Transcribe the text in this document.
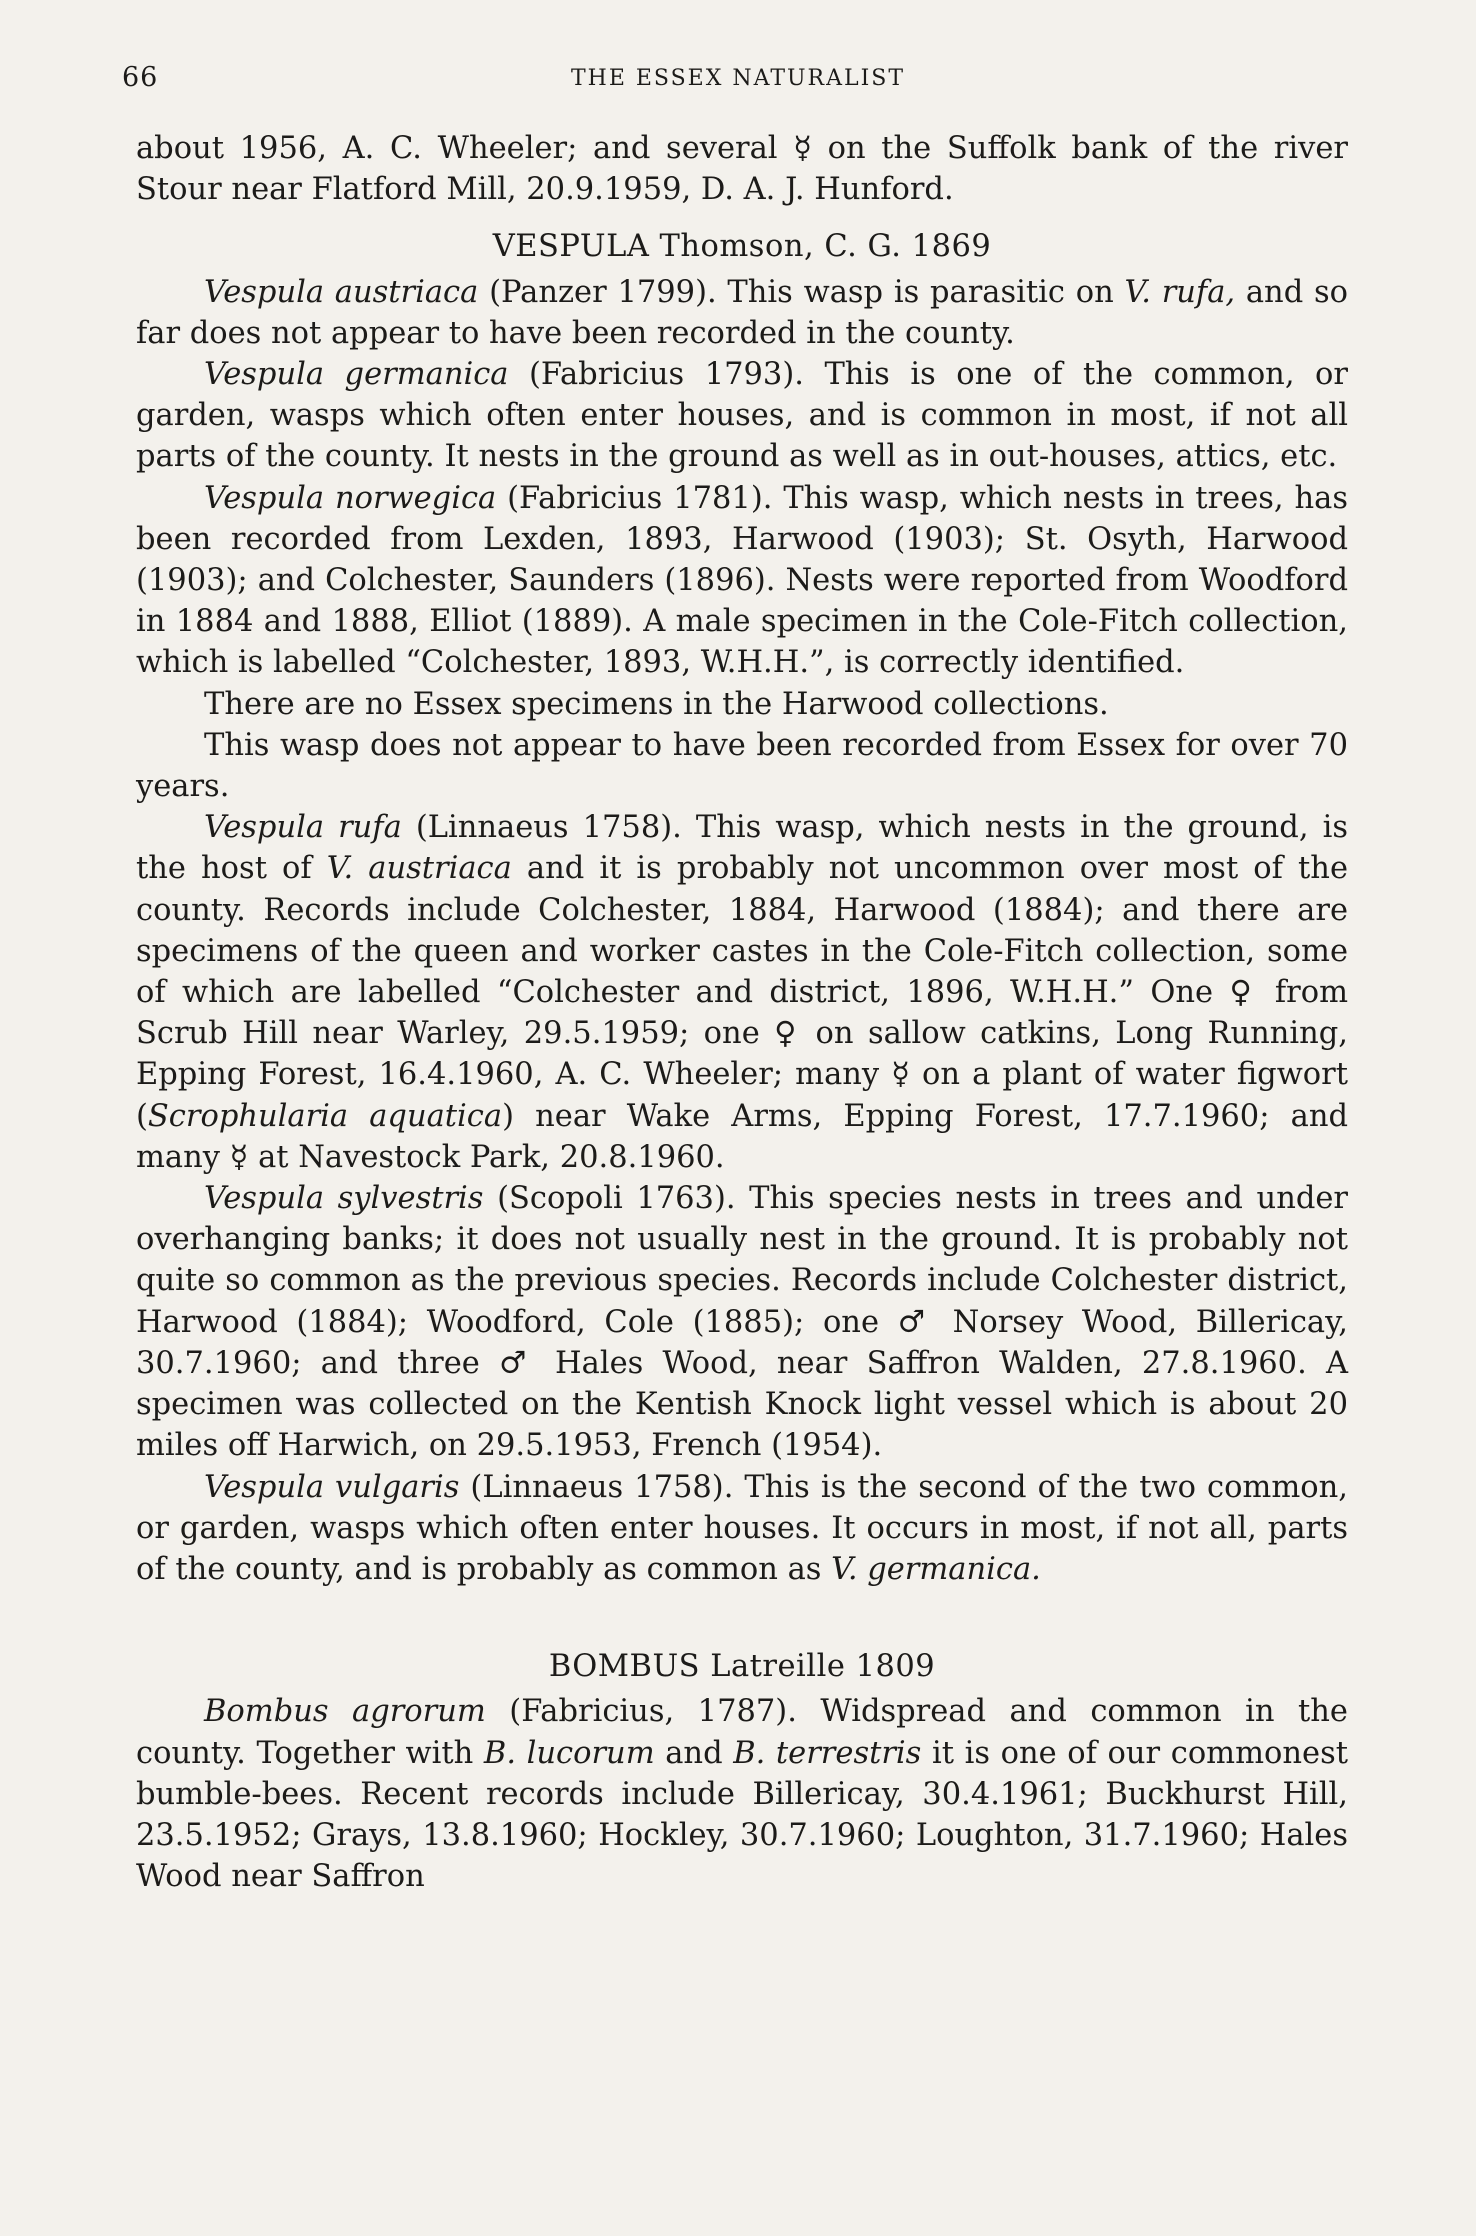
66	THE ESSEX NATURALIST

about 1956, A. C. Wheeler; and several ☿ on the Suffolk bank of the river Stour near Flatford Mill, 20.9.1959, D. A. J. Hunford.

VESPULA Thomson, C. G. 1869

Vespula austriaca (Panzer 1799). This wasp is parasitic on V. rufa, and so far does not appear to have been recorded in the county.

Vespula germanica (Fabricius 1793). This is one of the common, or garden, wasps which often enter houses, and is common in most, if not all parts of the county. It nests in the ground as well as in out-houses, attics, etc.

Vespula norwegica (Fabricius 1781). This wasp, which nests in trees, has been recorded from Lexden, 1893, Harwood (1903); St. Osyth, Harwood (1903); and Colchester, Saunders (1896). Nests were reported from Woodford in 1884 and 1888, Elliot (1889). A male specimen in the Cole-Fitch collection, which is labelled “Colchester, 1893, W.H.H.”, is correctly identified.

There are no Essex specimens in the Harwood collections.

This wasp does not appear to have been recorded from Essex for over 70 years.

Vespula rufa (Linnaeus 1758). This wasp, which nests in the ground, is the host of V. austriaca and it is probably not uncommon over most of the county. Records include Colchester, 1884, Harwood (1884); and there are specimens of the queen and worker castes in the Cole-Fitch collection, some of which are labelled “Colchester and district, 1896, W.H.H.” One ♀ from Scrub Hill near Warley, 29.5.1959; one ♀ on sallow catkins, Long Running, Epping Forest, 16.4.1960, A. C. Wheeler; many ☿ on a plant of water figwort (Scrophularia aquatica) near Wake Arms, Epping Forest, 17.7.1960; and many ☿ at Navestock Park, 20.8.1960.

Vespula sylvestris (Scopoli 1763). This species nests in trees and under overhanging banks; it does not usually nest in the ground. It is probably not quite so common as the previous species. Records include Colchester district, Harwood (1884); Woodford, Cole (1885); one ♂ Norsey Wood, Billericay, 30.7.1960; and three ♂ Hales Wood, near Saffron Walden, 27.8.1960. A specimen was collected on the Kentish Knock light vessel which is about 20 miles off Harwich, on 29.5.1953, French (1954).

Vespula vulgaris (Linnaeus 1758). This is the second of the two common, or garden, wasps which often enter houses. It occurs in most, if not all, parts of the county, and is probably as common as V. germanica.

BOMBUS Latreille 1809

Bombus agrorum (Fabricius, 1787). Widspread and common in the county. Together with B. lucorum and B. terrestris it is one of our commonest bumble-bees. Recent records include Billericay, 30.4.1961; Buckhurst Hill, 23.5.1952; Grays, 13.8.1960; Hockley, 30.7.1960; Loughton, 31.7.1960; Hales Wood near Saffron
